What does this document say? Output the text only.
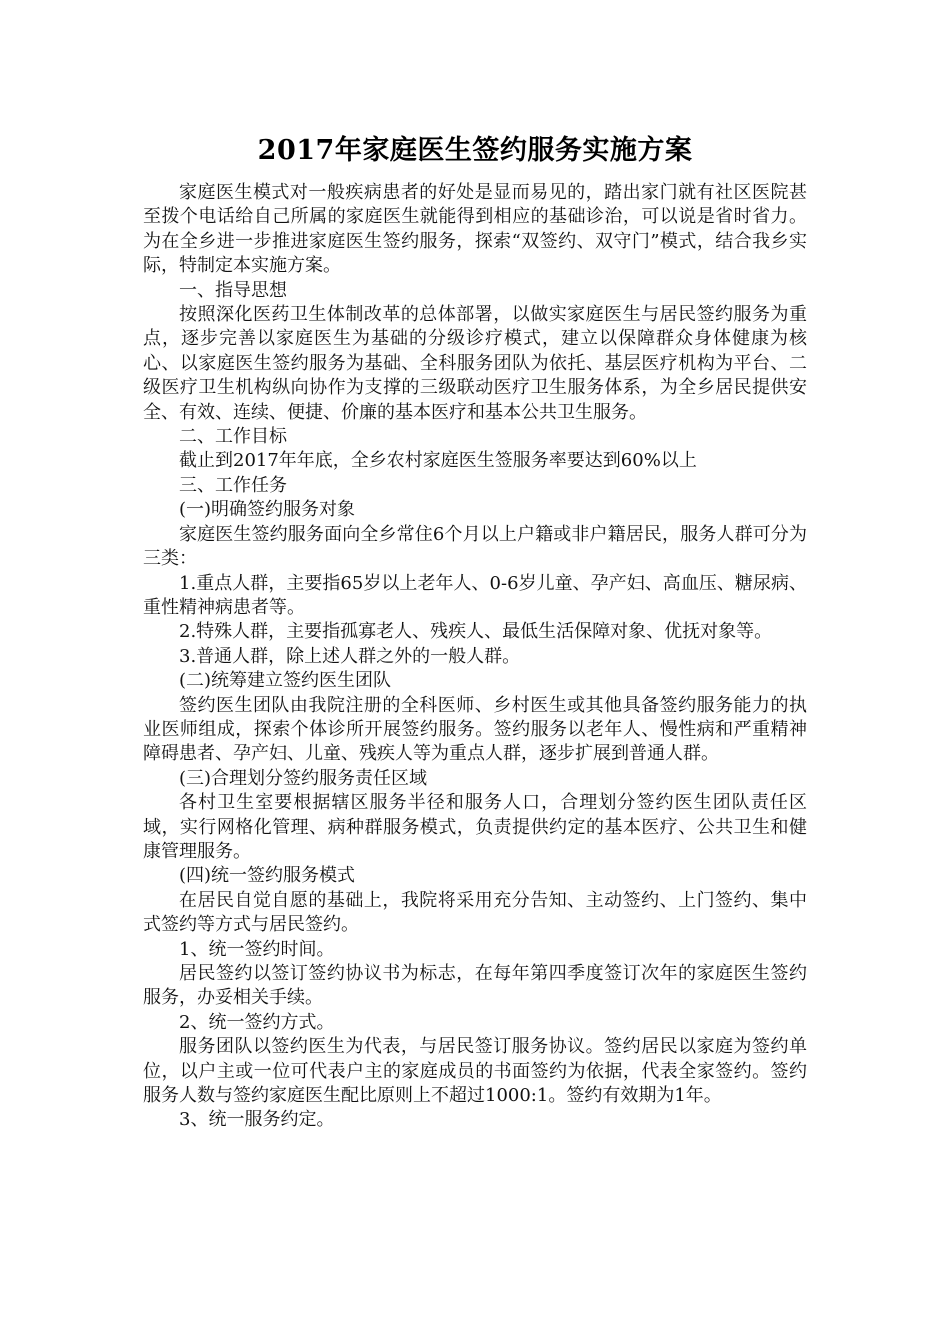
2017年家庭医生签约服务实施方案

家庭医生模式对一般疾病患者的好处是显而易见的，踏出家门就有社区医院甚至拨个电话给自己所属的家庭医生就能得到相应的基础诊治，可以说是省时省力。为在全乡进一步推进家庭医生签约服务，探索“双签约、双守门”模式，结合我乡实际，特制定本实施方案。

一、指导思想

按照深化医药卫生体制改革的总体部署，以做实家庭医生与居民签约服务为重点，逐步完善以家庭医生为基础的分级诊疗模式，建立以保障群众身体健康为核心、以家庭医生签约服务为基础、全科服务团队为依托、基层医疗机构为平台、二级医疗卫生机构纵向协作为支撑的三级联动医疗卫生服务体系，为全乡居民提供安全、有效、连续、便捷、价廉的基本医疗和基本公共卫生服务。

二、工作目标

截止到2017年年底，全乡农村家庭医生签服务率要达到60%以上

三、工作任务

(一)明确签约服务对象

家庭医生签约服务面向全乡常住6个月以上户籍或非户籍居民，服务人群可分为三类：

1.重点人群，主要指65岁以上老年人、0-6岁儿童、孕产妇、高血压、糖尿病、重性精神病患者等。

2.特殊人群，主要指孤寡老人、残疾人、最低生活保障对象、优抚对象等。

3.普通人群，除上述人群之外的一般人群。

(二)统筹建立签约医生团队

签约医生团队由我院注册的全科医师、乡村医生或其他具备签约服务能力的执业医师组成，探索个体诊所开展签约服务。签约服务以老年人、慢性病和严重精神障碍患者、孕产妇、儿童、残疾人等为重点人群，逐步扩展到普通人群。

(三)合理划分签约服务责任区域

各村卫生室要根据辖区服务半径和服务人口，合理划分签约医生团队责任区域，实行网格化管理、病种群服务模式，负责提供约定的基本医疗、公共卫生和健康管理服务。

(四)统一签约服务模式

在居民自觉自愿的基础上，我院将采用充分告知、主动签约、上门签约、集中式签约等方式与居民签约。

1、统一签约时间。

居民签约以签订签约协议书为标志，在每年第四季度签订次年的家庭医生签约服务，办妥相关手续。

2、统一签约方式。

服务团队以签约医生为代表，与居民签订服务协议。签约居民以家庭为签约单位，以户主或一位可代表户主的家庭成员的书面签约为依据，代表全家签约。签约服务人数与签约家庭医生配比原则上不超过1000:1。签约有效期为1年。

3、统一服务约定。
